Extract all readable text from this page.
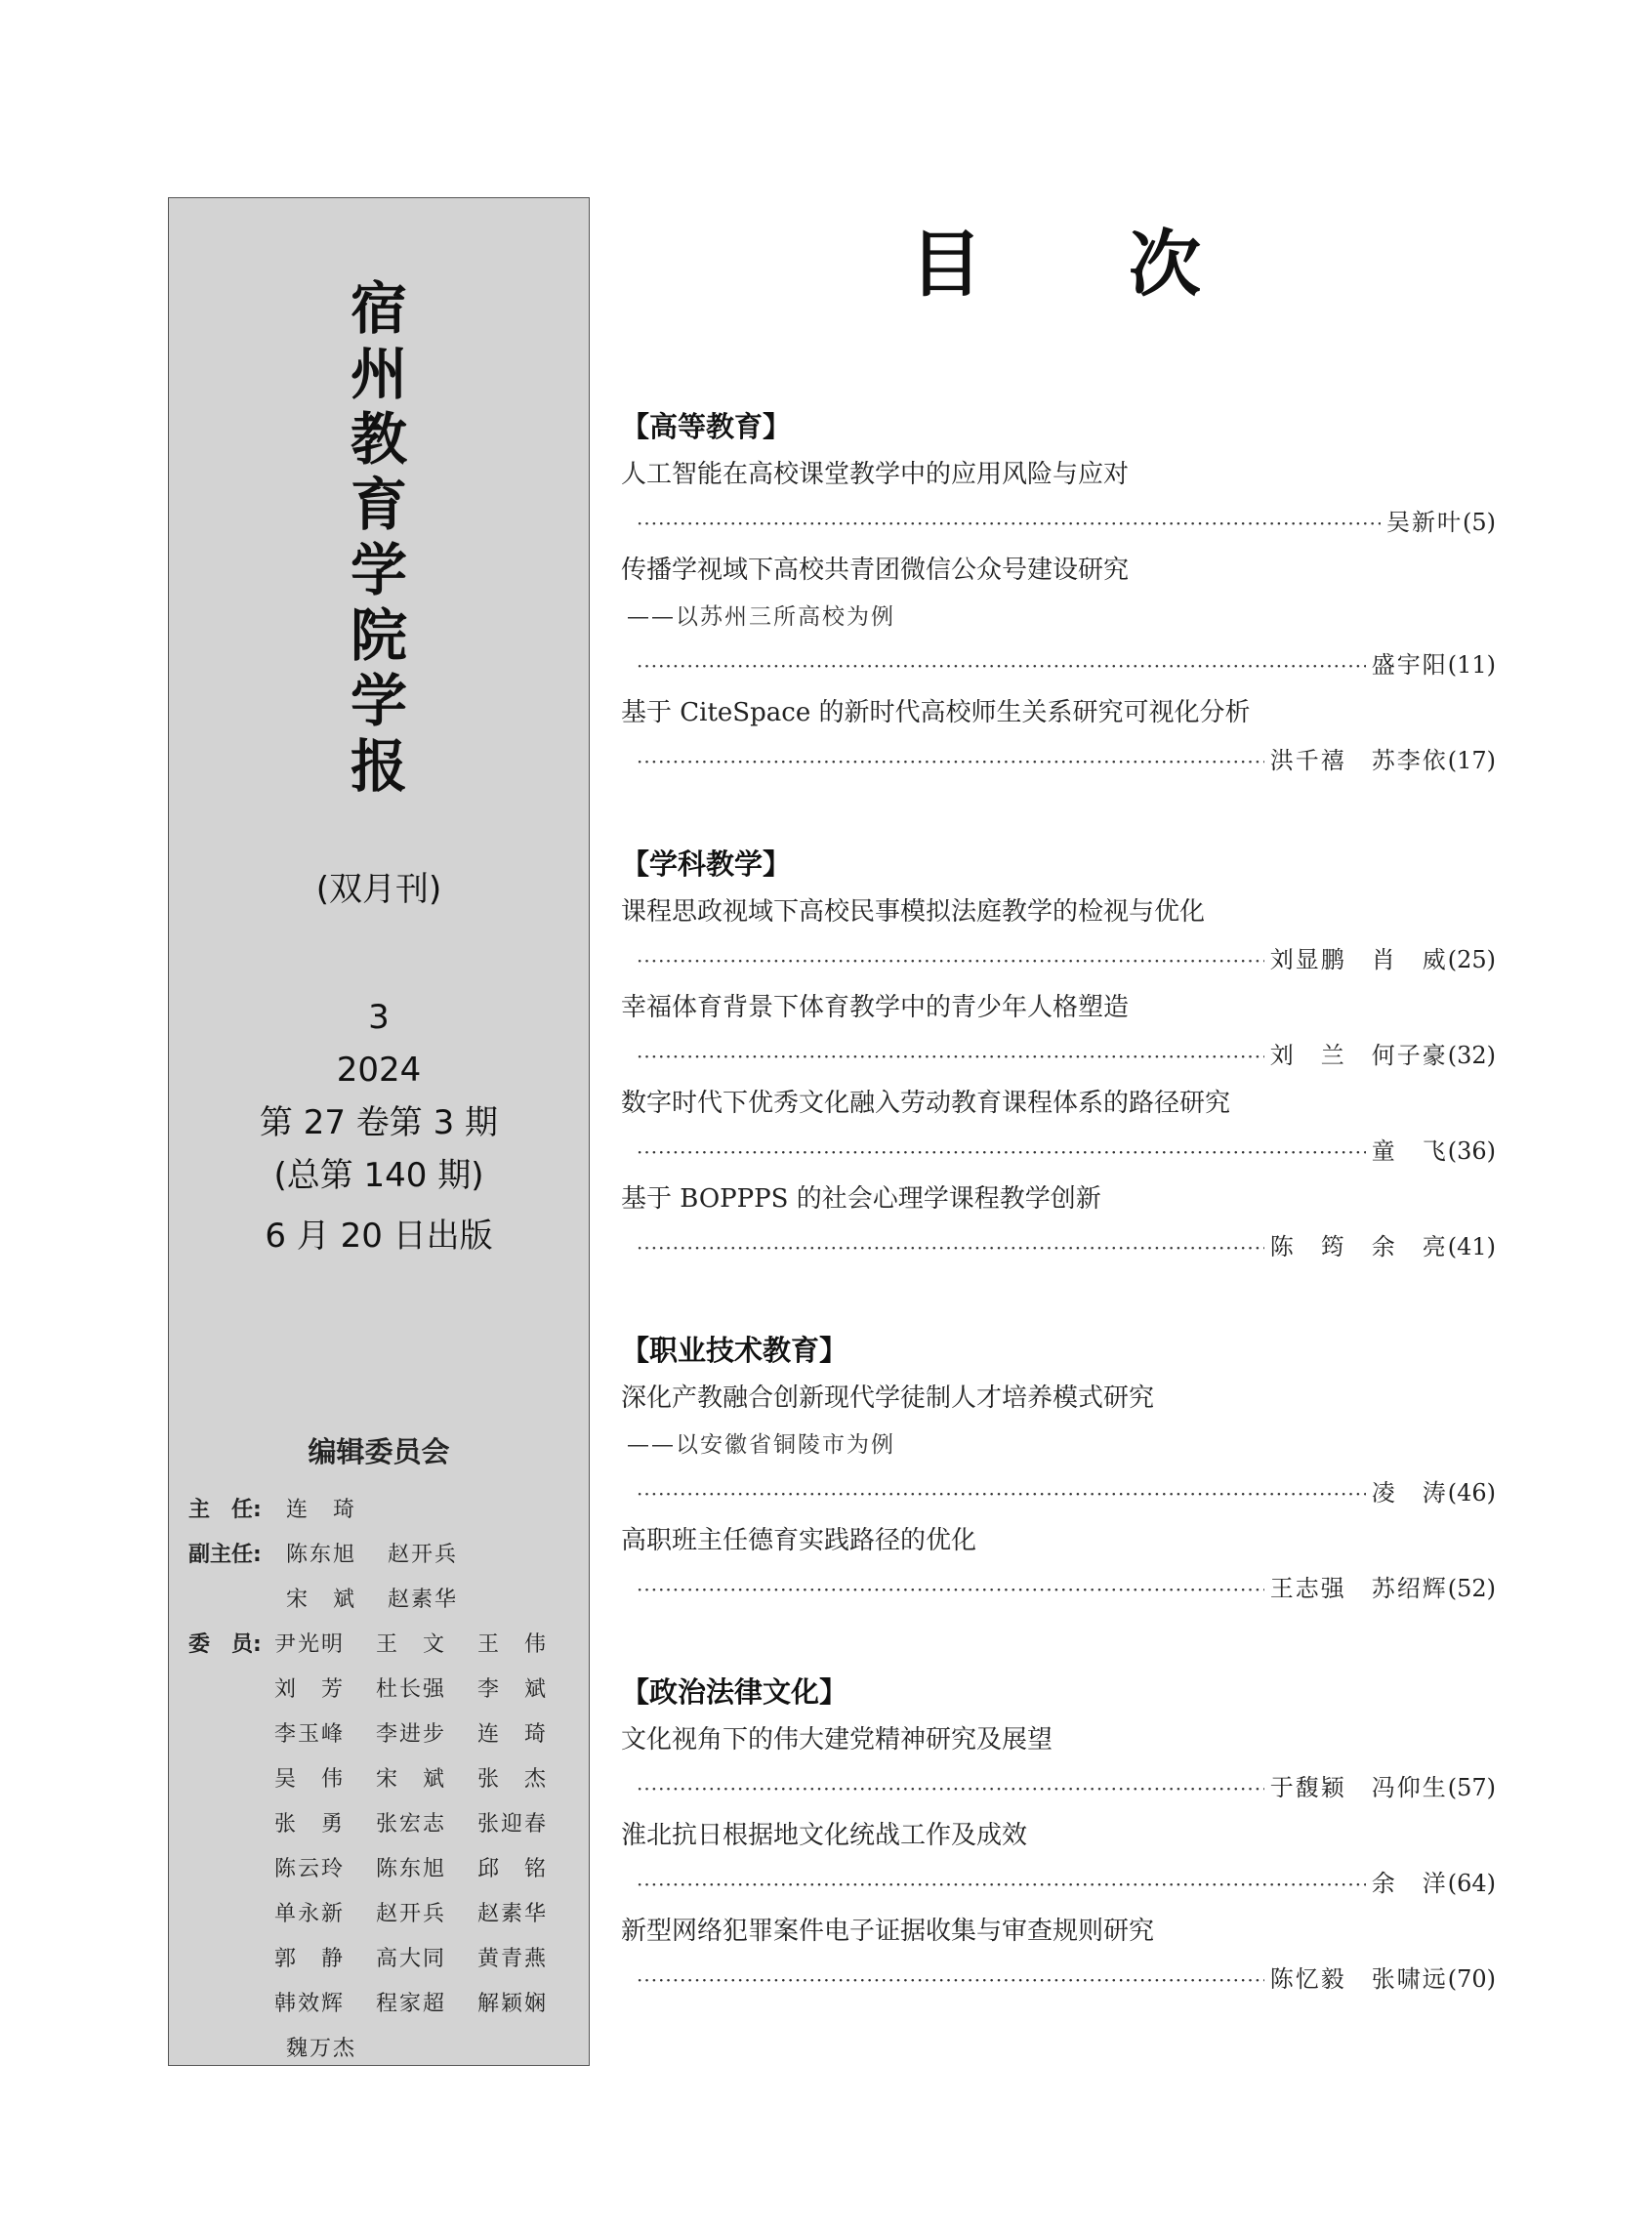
宿
州
教
育
学
院
学
报
(双月刊)
3
2024
第 27 卷第 3 期
(总第 140 期)
6 月 20 日出版
编辑委员会
主　任:	连　琦
副主任:	陈东旭	赵开兵
宋　斌	赵素华
委　员: 尹光明	王　文	王　伟
刘　芳	杜长强	李　斌
李玉峰	李进步	连　琦
吴　伟	宋　斌	张　杰
张　勇	张宏志	张迎春
陈云玲	陈东旭	邱　铭
单永新	赵开兵	赵素华
郭　静	高大同	黄青燕
韩效辉	程家超	解颖娴
魏万杰
目次
【高等教育】
人工智能在高校课堂教学中的应用风险与应对
·····
吴新叶 (5)
传播学视域下高校共青团微信公众号建设研究
——以苏州三所高校为例
·····
盛宇阳 (11)
基于 CiteSpace 的新时代高校师生关系研究可视化分析
·····
洪千禧　苏李依 (17)
【学科教学】
课程思政视域下高校民事模拟法庭教学的检视与优化
·····
刘显鹏　肖　威 (25)
幸福体育背景下体育教学中的青少年人格塑造
·····
刘　兰　何子豪 (32)
数字时代下优秀文化融入劳动教育课程体系的路径研究
·····
童　飞 (36)
基于 BOPPPS 的社会心理学课程教学创新
·····
陈　筠　余　亮 (41)
【职业技术教育】
深化产教融合创新现代学徒制人才培养模式研究
——以安徽省铜陵市为例
·····
凌　涛 (46)
高职班主任德育实践路径的优化
·····
王志强　苏绍辉 (52)
【政治法律文化】
文化视角下的伟大建党精神研究及展望
·····
于馥颖　冯仰生 (57)
淮北抗日根据地文化统战工作及成效
·····
余　洋 (64)
新型网络犯罪案件电子证据收集与审查规则研究
·····
陈忆毅　张啸远 (70)
